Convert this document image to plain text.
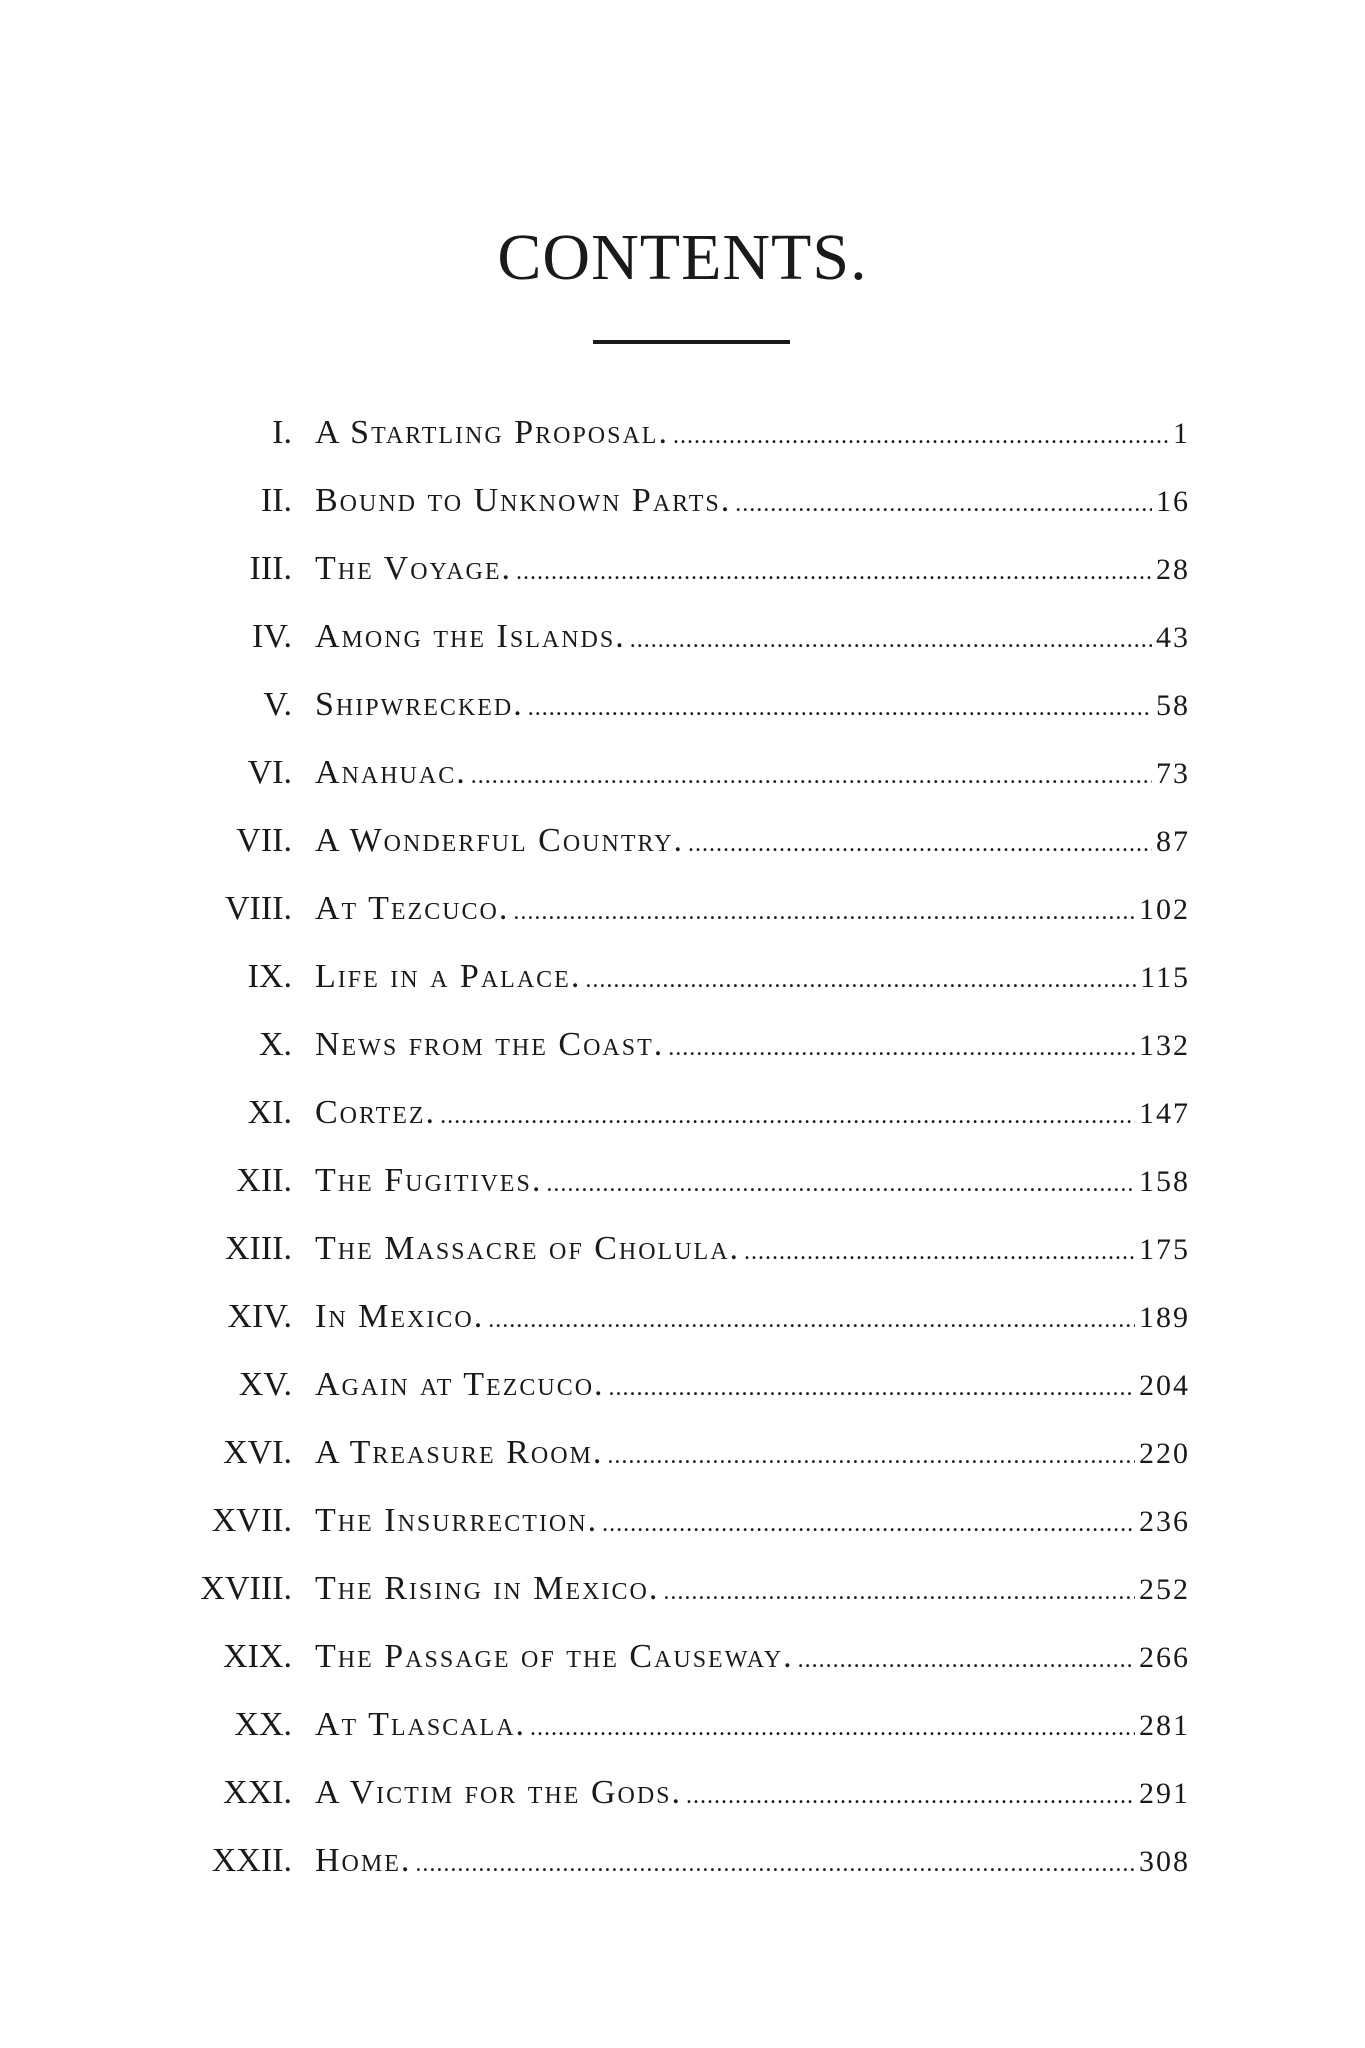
CONTENTS.
I. A Startling Proposal. .....	1
II. Bound to Unknown Parts. .....	16
III. The Voyage. .....	28
IV. Among the Islands. .....	43
V. Shipwrecked. .....	58
VI. Anahuac. .....	73
VII. A Wonderful Country. .....	87
VIII. At Tezcuco. .....	102
IX. Life in a Palace. .....	115
X. News from the Coast. .....	132
XI. Cortez. .....	147
XII. The Fugitives. .....	158
XIII. The Massacre of Cholula. .....	175
XIV. In Mexico. .....	189
XV. Again at Tezcuco. .....	204
XVI. A Treasure Room. .....	220
XVII. The Insurrection. .....	236
XVIII. The Rising in Mexico. .....	252
XIX. The Passage of the Causeway. .....	266
XX. At Tlascala. .....	281
XXI. A Victim for the Gods. .....	291
XXII. Home. .....	308
